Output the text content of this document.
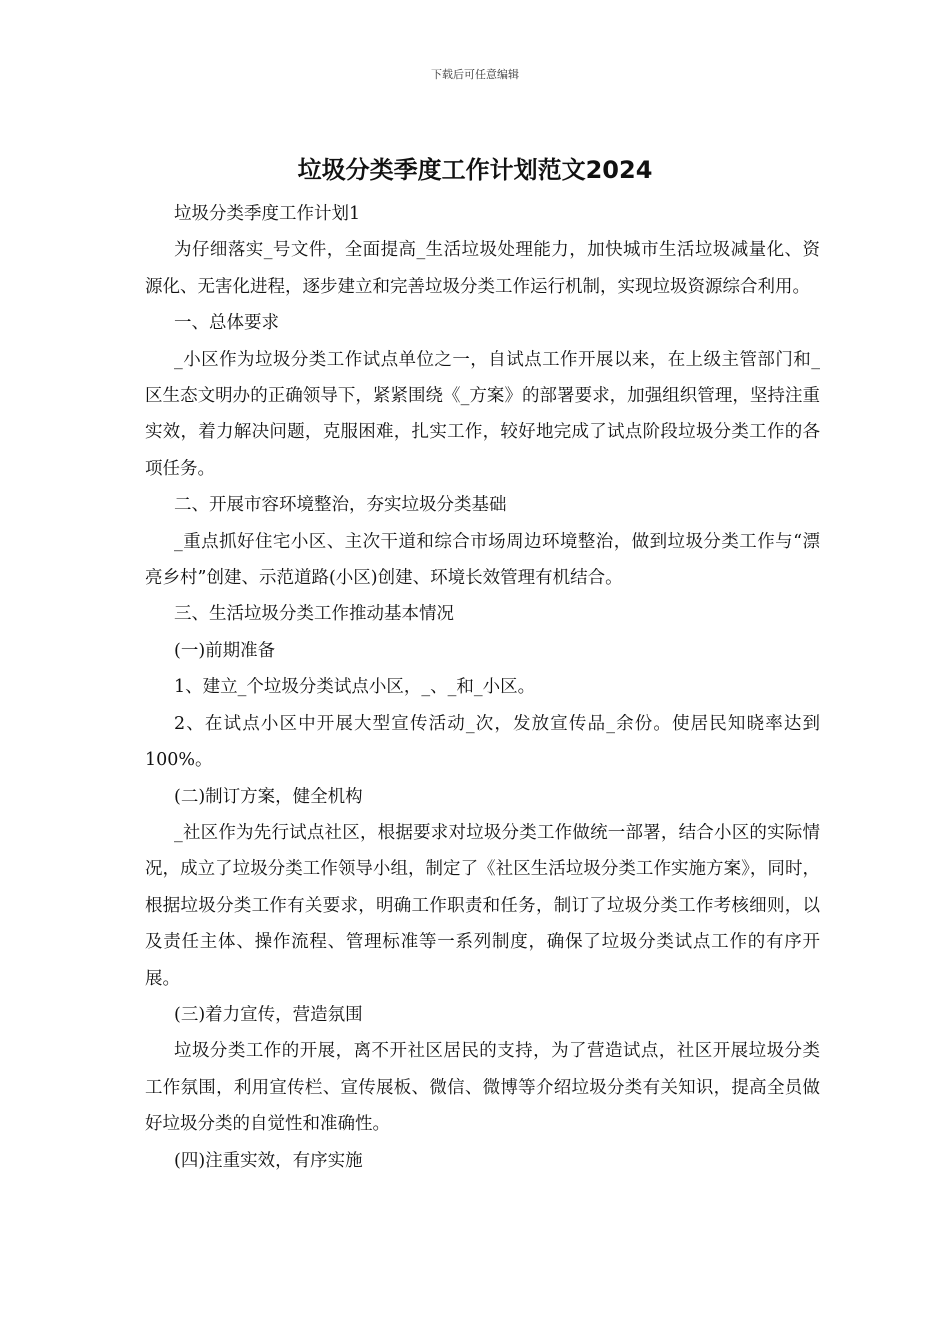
下载后可任意编辑
垃圾分类季度工作计划范文2024

垃圾分类季度工作计划1

为仔细落实_号文件，全面提高_生活垃圾处理能力，加快城市生活垃圾减量化、资源化、无害化进程，逐步建立和完善垃圾分类工作运行机制，实现垃圾资源综合利用。

一、总体要求

_小区作为垃圾分类工作试点单位之一，自试点工作开展以来，在上级主管部门和_区生态文明办的正确领导下，紧紧围绕《_方案》的部署要求，加强组织管理，坚持注重实效，着力解决问题，克服困难，扎实工作，较好地完成了试点阶段垃圾分类工作的各项任务。

二、开展市容环境整治，夯实垃圾分类基础

_重点抓好住宅小区、主次干道和综合市场周边环境整治，做到垃圾分类工作与“漂亮乡村”创建、示范道路(小区)创建、环境长效管理有机结合。

三、生活垃圾分类工作推动基本情况

(一)前期准备

1、建立_个垃圾分类试点小区，_、_和_小区。

2、在试点小区中开展大型宣传活动_次，发放宣传品_余份。使居民知晓率达到100%。

(二)制订方案，健全机构

_社区作为先行试点社区，根据要求对垃圾分类工作做统一部署，结合小区的实际情况，成立了垃圾分类工作领导小组，制定了《社区生活垃圾分类工作实施方案》，同时，根据垃圾分类工作有关要求，明确工作职责和任务，制订了垃圾分类工作考核细则，以及责任主体、操作流程、管理标准等一系列制度，确保了垃圾分类试点工作的有序开展。

(三)着力宣传，营造氛围

垃圾分类工作的开展，离不开社区居民的支持，为了营造试点，社区开展垃圾分类工作氛围，利用宣传栏、宣传展板、微信、微博等介绍垃圾分类有关知识，提高全员做好垃圾分类的自觉性和准确性。

(四)注重实效，有序实施
